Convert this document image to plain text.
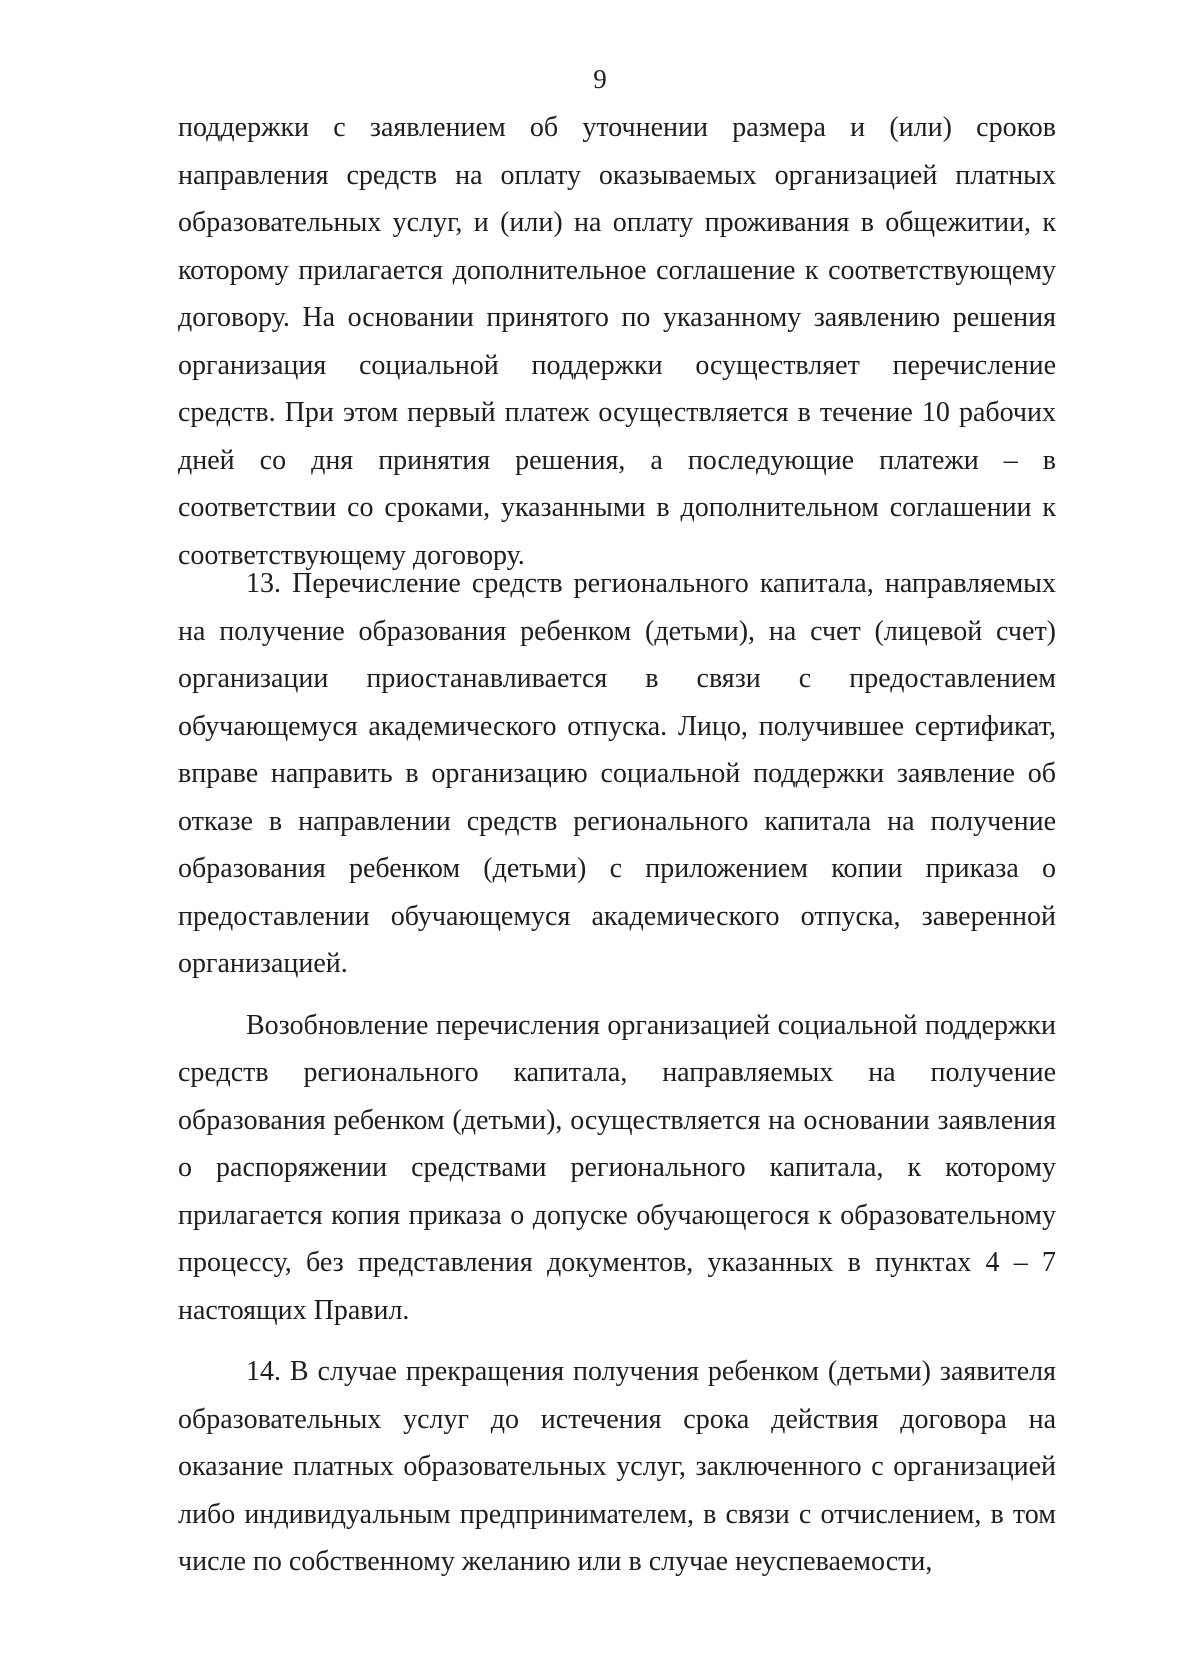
9

поддержки с заявлением об уточнении размера и (или) сроков направления средств на оплату оказываемых организацией платных образовательных услуг, и (или) на оплату проживания в общежитии, к которому прилагается дополнительное соглашение к соответствующему договору. На основании принятого по указанному заявлению решения организация социальной поддержки осуществляет перечисление средств. При этом первый платеж осуществляется в течение 10 рабочих дней со дня принятия решения, а последующие платежи – в соответствии со сроками, указанными в дополнительном соглашении к соответствующему договору.

13. Перечисление средств регионального капитала, направляемых на получение образования ребенком (детьми), на счет (лицевой счет) организации приостанавливается в связи с предоставлением обучающемуся академического отпуска. Лицо, получившее сертификат, вправе направить в организацию социальной поддержки заявление об отказе в направлении средств регионального капитала на получение образования ребенком (детьми) с приложением копии приказа о предоставлении обучающемуся академического отпуска, заверенной организацией.

Возобновление перечисления организацией социальной поддержки средств регионального капитала, направляемых на получение образования ребенком (детьми), осуществляется на основании заявления о распоряжении средствами регионального капитала, к которому прилагается копия приказа о допуске обучающегося к образовательному процессу, без представления документов, указанных в пунктах 4 – 7 настоящих Правил.

14. В случае прекращения получения ребенком (детьми) заявителя образовательных услуг до истечения срока действия договора на оказание платных образовательных услуг, заключенного с организацией либо индивидуальным предпринимателем, в связи с отчислением, в том числе по собственному желанию или в случае неуспеваемости,
